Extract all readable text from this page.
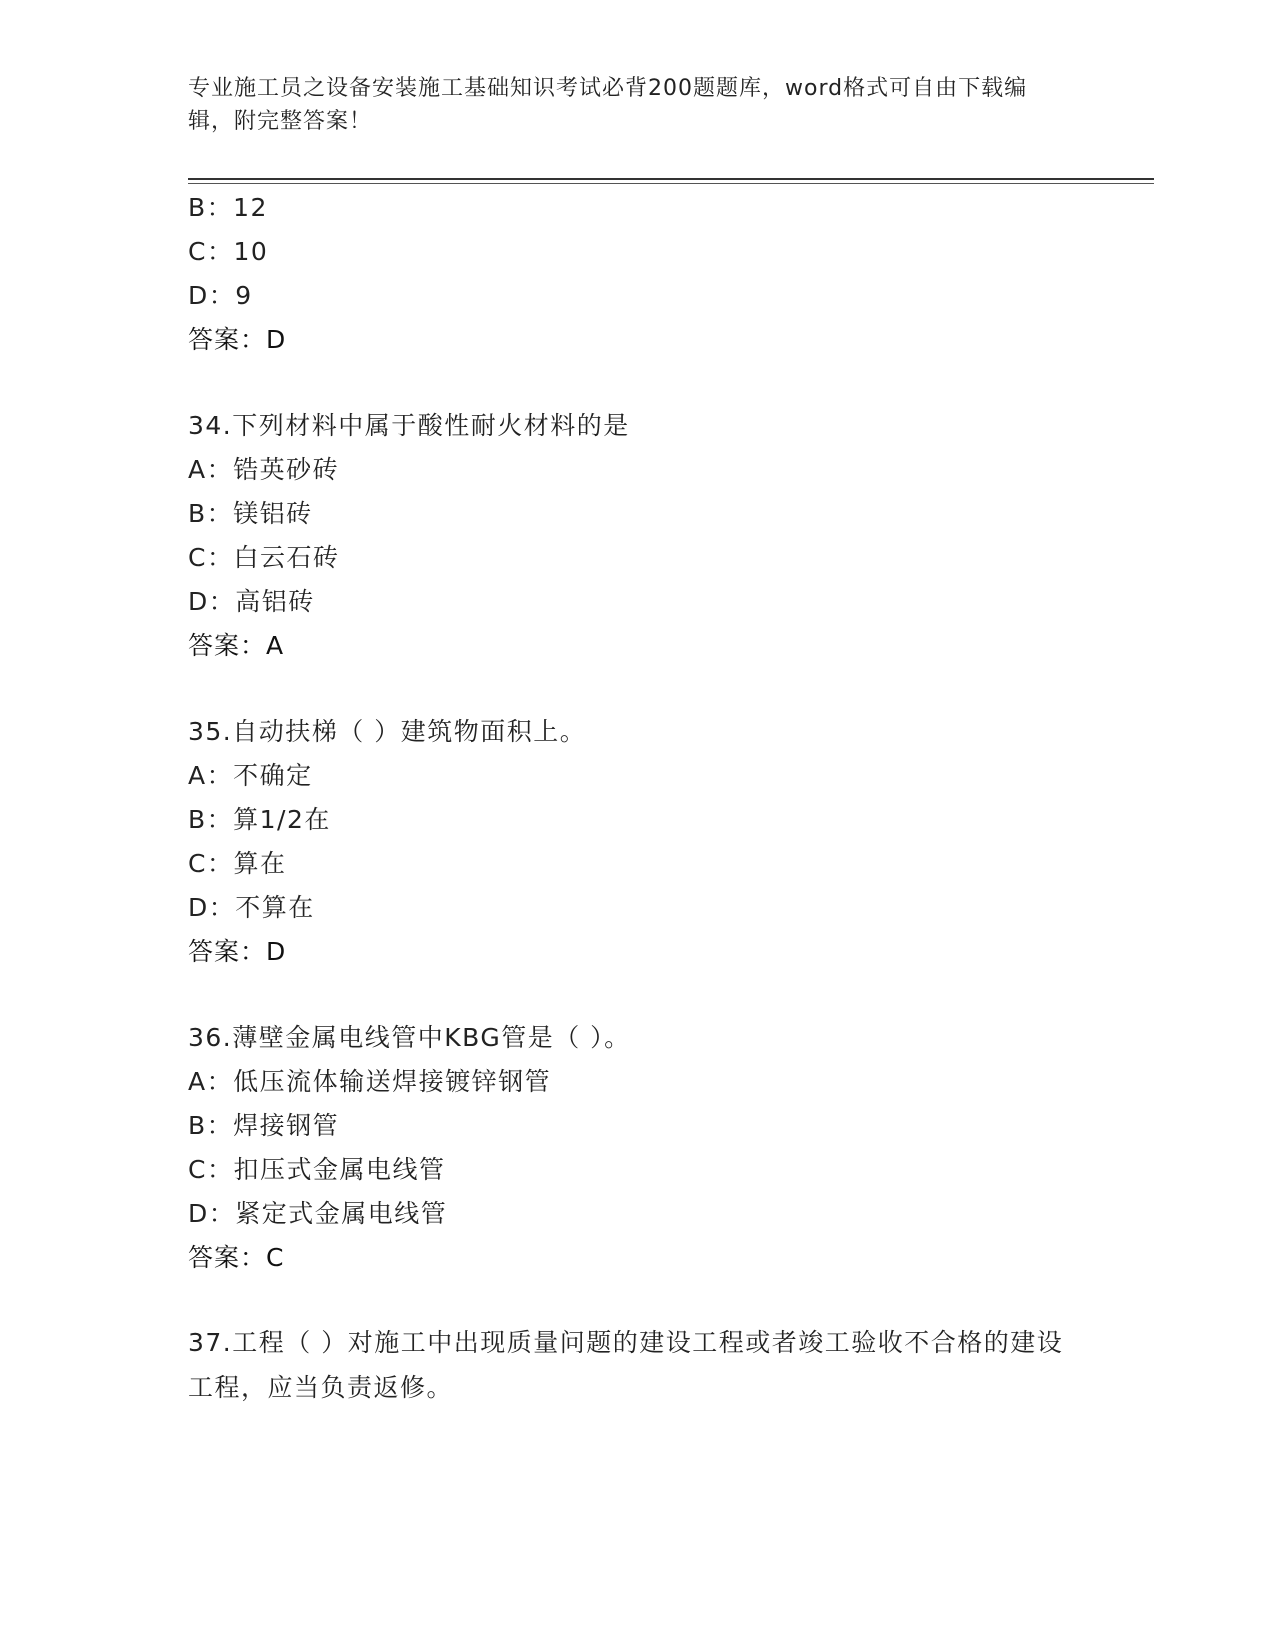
专业施工员之设备安装施工基础知识考试必背200题题库，word格式可自由下载编辑，附完整答案！
B：12
C：10
D：9
答案：D
34.下列材料中属于酸性耐火材料的是
A：锆英砂砖
B：镁铝砖
C：白云石砖
D：高铝砖
答案：A
35.自动扶梯（ ）建筑物面积上。
A：不确定
B：算1/2在
C：算在
D：不算在
答案：D
36.薄壁金属电线管中KBG管是（ ）。
A：低压流体输送焊接镀锌钢管
B：焊接钢管
C：扣压式金属电线管
D：紧定式金属电线管
答案：C
37.工程（ ）对施工中出现质量问题的建设工程或者竣工验收不合格的建设工程，应当负责返修。
